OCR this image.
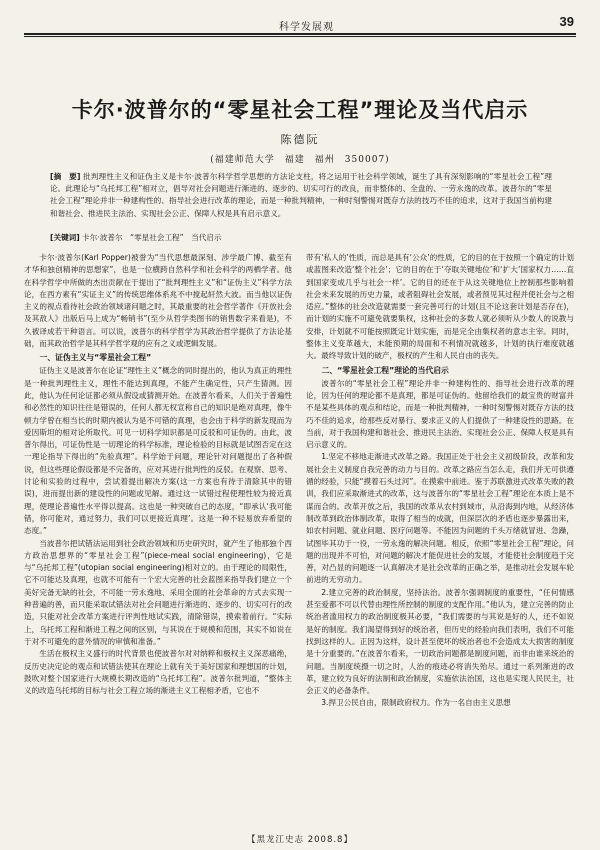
科学发展观	39
卡尔·波普尔的“零星社会工程”理论及当代启示
陈德阮
(福建师范大学　福建　福州　350007)
[摘　要] 批判理性主义和证伪主义是卡尔·波普尔科学哲学思想的方法论支柱，将之运用于社会科学领域，诞生了具有深刻影响的“零星社会工程”理论。此理论与“乌托邦工程”相对立，倡导对社会问题进行渐进的、逐步的、切实可行的改良，而非整体的、全盘的、一劳永逸的改革。波普尔的“零星社会工程”理论并非一种建构性的、指导社会进行改革的理论，而是一种批判精神，一种时刻警惕对既存方法的技巧不佳的追求，这对于我国当前构建和谐社会、推进民主法治、实现社会公正、保障人权是具有启示意义。
[关键词] 卡尔·波普尔　“零星社会工程”　当代启示

卡尔·波普尔(Karl Popper)被誉为“当代思想最深刻、涉学最广博、截至有才华和独创精神的思想家”，也是一位横跨自然科学和社会科学的两栖学者。他在科学哲学中所做的杰出贡献在于提出了“批判理性主义”和“证伪主义”科学方法论，在西方素有“实证主义”的传统思维体系兆不中搅起轩然大波。而当他以证伪主义的视点看待社会政治领域诸问题之时，其最重要的社会哲学著作《开放社会及其敌人》出版后马上成为“畅销书”(至少从哲学类图书的销售数字来看是)，不久被译成若干种语言。可以说，波普尔的科学哲学为其政治哲学提供了方法论基础，而其政治哲学是其科学哲学观的应有之义或逻辑发展。

一、证伪主义与“零星社会工程”

证伪主义是波普尔在论证“理性主义”概念的同时提出的，他认为真正的理性是一种批判理性主义，理性不能达到真理，不能产生确定性，只产生猜测。因此，他认为任何论证都必须从假设或猜测开始。在波普尔看来，人们关于普遍性和必然性的知识往往是错误的，任何人都无权宣称自己的知识是绝对真理，像牛顿力学曾在相当长的时期内被认为是不可错的真理，也会由于科学的新发现而为爱因斯坦的相对论所取代。可见一切科学知识都是可反驳和可证伪的。由此，波普尔得出，可证伪性是一切理论的科学标准，理论检验的目标就是试图否定在这一理论指导下得出的“先验真理”。科学始于问题，理论针对问题提出了各种假说，但这些理论假设都是不完备的，应对其进行批判性的反驳。在观察、思考、讨论和实验的过程中，尝试着提出解决方案(这一方案也有待于清除其中的错误)，进而提出新的建设性的问题或见解。通过这一试错过程使理性较为接近真理，使理论普遍性水平得以提高。这也是一种突破自己的态度，“即承认‘我可能错，你可能对，通过努力，我们可以更接近真理’。这是一种不轻易放弃希望的态度。”

当波普尔把试错法运用到社会政治领域和历史研究时，就产生了他那独个西方政治思想界的“零星社会工程”(piece-meal social engineering)，它是与“乌托邦工程”(utopian social engineering)相对立的。由于理论的局限性，它不可能达及真理，也就不可能有一个宏大完善的社会蓝图来指导我们建立一个美好完备无缺的社会，不可能一劳永逸地、采用全面的社会革命的方式去实现一种普遍的善，而只能采取试错法对社会问题进行渐进的、逐步的、切实可行的改造，只能对社会改革方案进行评判性地试实践，清除错误，摸索着前行。“实际上，乌托邦工程和渐进工程之间的区别，与其说在于规模和范围，其实不如说在于对不可避免的意外情况的审慎和准备。”

生活在极权主义盛行的时代背景也使波普尔对对纳粹和极权主义深恶痛绝，反历史决定论的观点和试错法使其在理论上就有关于美好国家和理想国的计划，鼓吹对整个国家进行大规模长期改造的“乌托邦工程”。波普尔批判道，“整体主义的改造乌托邦的目标与社会工程立场的渐进主义工程相矛盾，它也不

带有‘私人的’性质，而总是具有‘公众’的性质，它的目的在于按照一个确定的计划或蓝图来改造‘整个社会’；它的目的在于‘夺取关键地位’和‘扩大’国家权力……直到国家变成几乎与社会一样’。它的目的还在于从这关键地位上控制那些影响着社会未来发展的历史力量，或者阻碍社会发展，或者预见其过程并使社会与之相适应。”整体的社会改造就需要一套完善可行的计划(且不论这套计划是否存在)，而计划的实施不可避免就要集权，这种社会的多数人就必须听从少数人的说教与安排，计划就不可能按照既定计划实施，而是完全由集权者的意志主宰。同时，整体主义变革越大，未能预期的局面和不利情况就越多，计划的执行难度就越大。最终导致计划的破产，极权的产生和人民自由的丧失。

二、“零星社会工程”理论的当代启示

波普尔的“零星社会工程”理论并非一种建构性的、指导社会进行改革的理论，因为任何的理论都不是真理，都是可证伪的。他留给我们的最宝贵的财富并不是某些具体的观点和结论，而是一种批判精神，一种时刻警惕对既存方法的技巧不佳的追求，给那些反对暴行、要求正义的人们提供了一种建设性的思路。在当前，对于我国构建和谐社会、推进民主法治、实现社会公正、保障人权是具有启示意义的。

1.坚定不移地走渐进式改革之路。我国正处于社会主义初级阶段，改革和发展社会主义制度自我完善的动力与目的。改革之路应当怎么走，我们并无可供遵循的经验，只能“摸着石头过河”。在摸索中前进。鉴于苏联激进式改革失败的教训，我们应采取渐进式的改革，这与波普尔的“零星社会工程”理论在本质上是不谋而合的。改革开放之后，我国的改革从农村到城市，从沿海到内地，从经济体制改革到政治体制改革，取得了相当的成就，但深层次的矛盾也逐步暴露出来，如农村问题、就业问题、医疗问题等。不能因为问题的千头万绪就冒进、急躁，试图毕其功于一役，一劳永逸的解决问题。相反，依照“零星社会工程”理论，问题的出现并不可怕，对问题的解决才能促进社会的发展，才能使社会制度趋于完善，对凸显的问题逐一认真解决才是社会改革的正确之举，是推动社会发展车轮前进的无穷动力。

2.建立完善的政治制度，坚持法治。波普尔强调制度的重要性，“任何情感甚至爱都不可以代替由理性所控制的制度的支配作用。”他认为，建立完善的防止统治者滥用权力的政治制度极其必要，“我们需要的与其说是好的人，还不如说是好的制度。我们渴望得到好的统治者，但历史的经验向我们表明，我们不可能找到这样的人。正因为这样，设计甚至使坏的统治者也不会造成太大损害的制度是十分重要的。”在波普尔看来，一切政治问题都是制度问题，而非由谁来统治的问题。当制度统摄一切之时，人治的痕迹必将消失殆尽。通过一系列渐进的改革，建立较为良好的法制和政治制度，实施依法治国，这也是实现人民民主，社会正义的必备条件。

3.捍卫公民自由，限制政府权力。作为一名自由主义思想

【黑龙江史志 2008.8】
